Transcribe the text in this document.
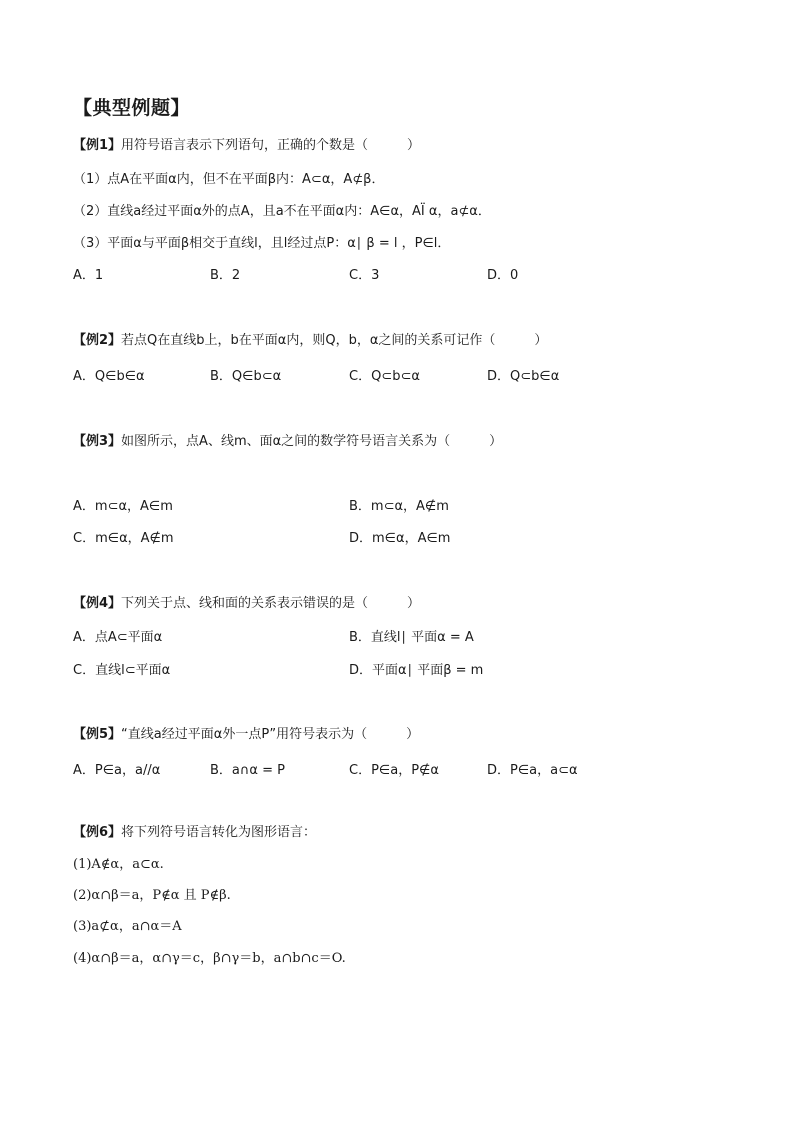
【典型例题】
【例1】用符号语言表示下列语句，正确的个数是（　　　）
（1）点A在平面α内，但不在平面β内：A⊂α，A⊄β．
（2）直线a经过平面α外的点A，且a不在平面α内：A∈α，AÏ α，a⊄α．
（3）平面α与平面β相交于直线l，且l经过点P：α∣ β = l ，P∈l．
A．1	B．2	C．3	D．0
【例2】若点Q在直线b上，b在平面α内，则Q，b，α之间的关系可记作（　　　）
A．Q∈b∈α	B．Q∈b⊂α	C．Q⊂b⊂α	D．Q⊂b∈α
【例3】如图所示，点A、线m、面α之间的数学符号语言关系为（　　　）
A．m⊂α，A∈m	B．m⊂α，A∉m
C．m∈α，A∉m	D．m∈α，A∈m
【例4】下列关于点、线和面的关系表示错误的是（　　　）
A．点A⊂平面α	B．直线l∣ 平面α = A
C．直线l⊂平面α	D．平面α∣ 平面β = m
【例5】“直线a经过平面α外一点P”用符号表示为（　　　）
A．P∈a，a//α	B．a∩α = P	C．P∈a，P∉α	D．P∈a，a⊂α
【例6】将下列符号语言转化为图形语言：
(1)A∉α，a⊂α.
(2)α∩β＝a，P∉α 且 P∉β.
(3)a⊄α，a∩α＝A
(4)α∩β＝a，α∩γ＝c，β∩γ＝b，a∩b∩c＝O.
